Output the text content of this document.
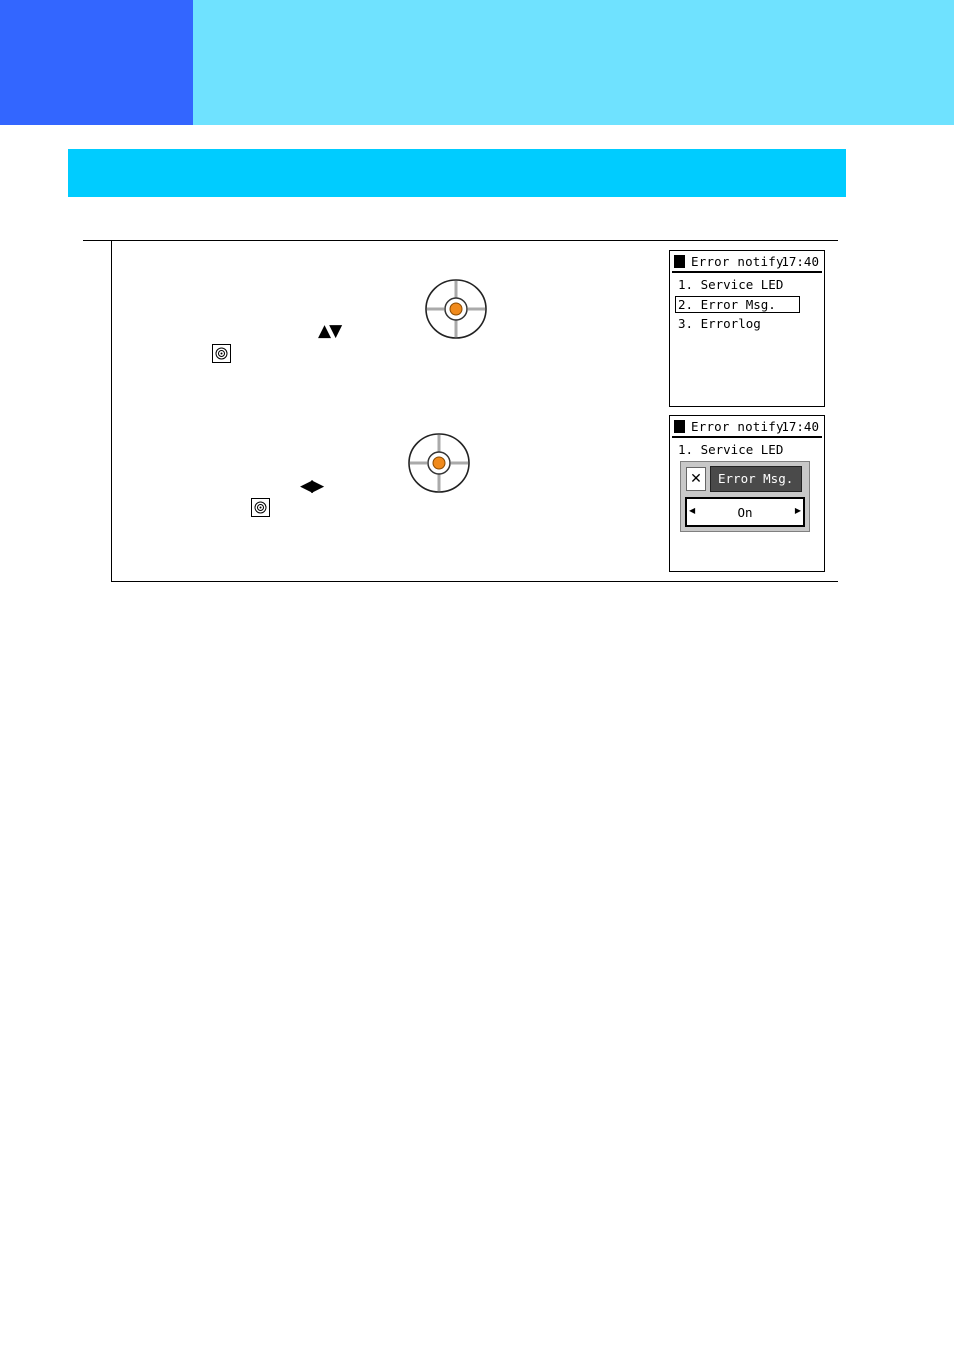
▲▼
Error notify
17:40
1. Service LED
2. Error Msg.
3. Errorlog
◀▶
Error notify
17:40
1. Service LED
✕	Error Msg.
◀	On	▶
